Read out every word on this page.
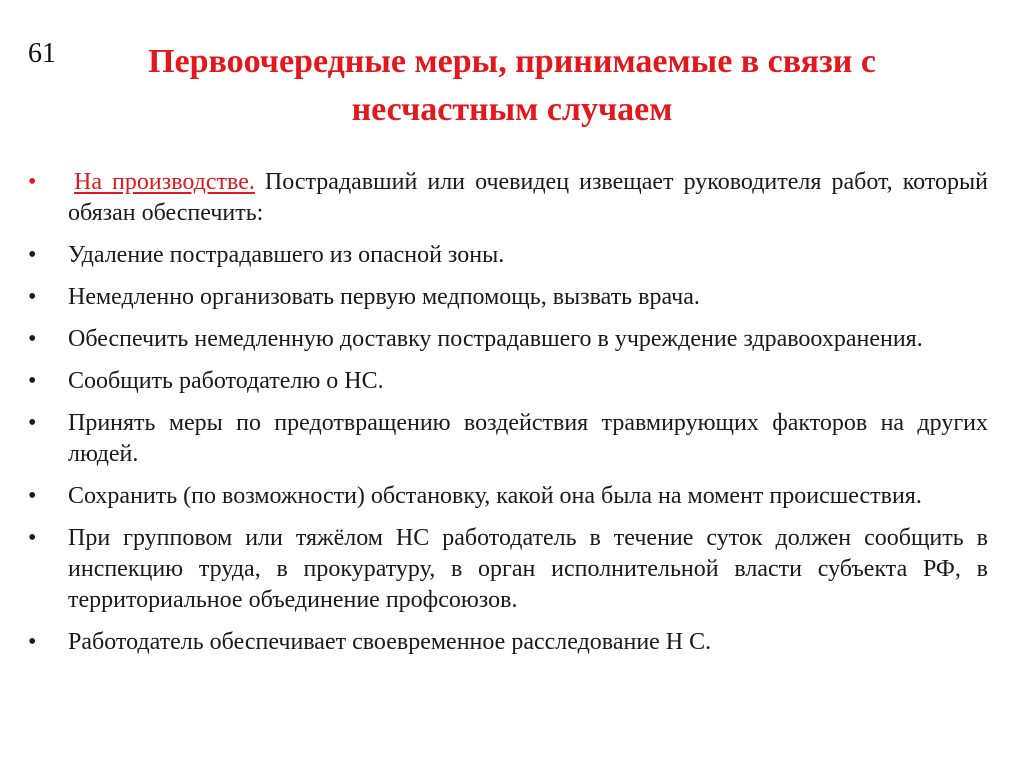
61	Первоочередные меры, принимаемые в связи с
несчастным случаем
•	На производстве. Пострадавший или очевидец извещает руководителя работ, который обязан обеспечить:
•	Удаление пострадавшего из опасной зоны.
•	Немедленно организовать первую медпомощь, вызвать врача.
•	Обеспечить немедленную доставку пострадавшего в учреждение здравоохранения.
•	Сообщить работодателю о НС.
•	Принять меры по предотвращению воздействия травмирующих факторов на других людей.
•	Сохранить (по возможности) обстановку, какой она была на момент происшествия.
•	При групповом или тяжёлом НС работодатель в течение суток должен сообщить в инспекцию труда, в прокуратуру, в орган исполнительной власти субъекта РФ, в территориальное объединение профсоюзов.
•	Работодатель обеспечивает своевременное расследование Н С.
